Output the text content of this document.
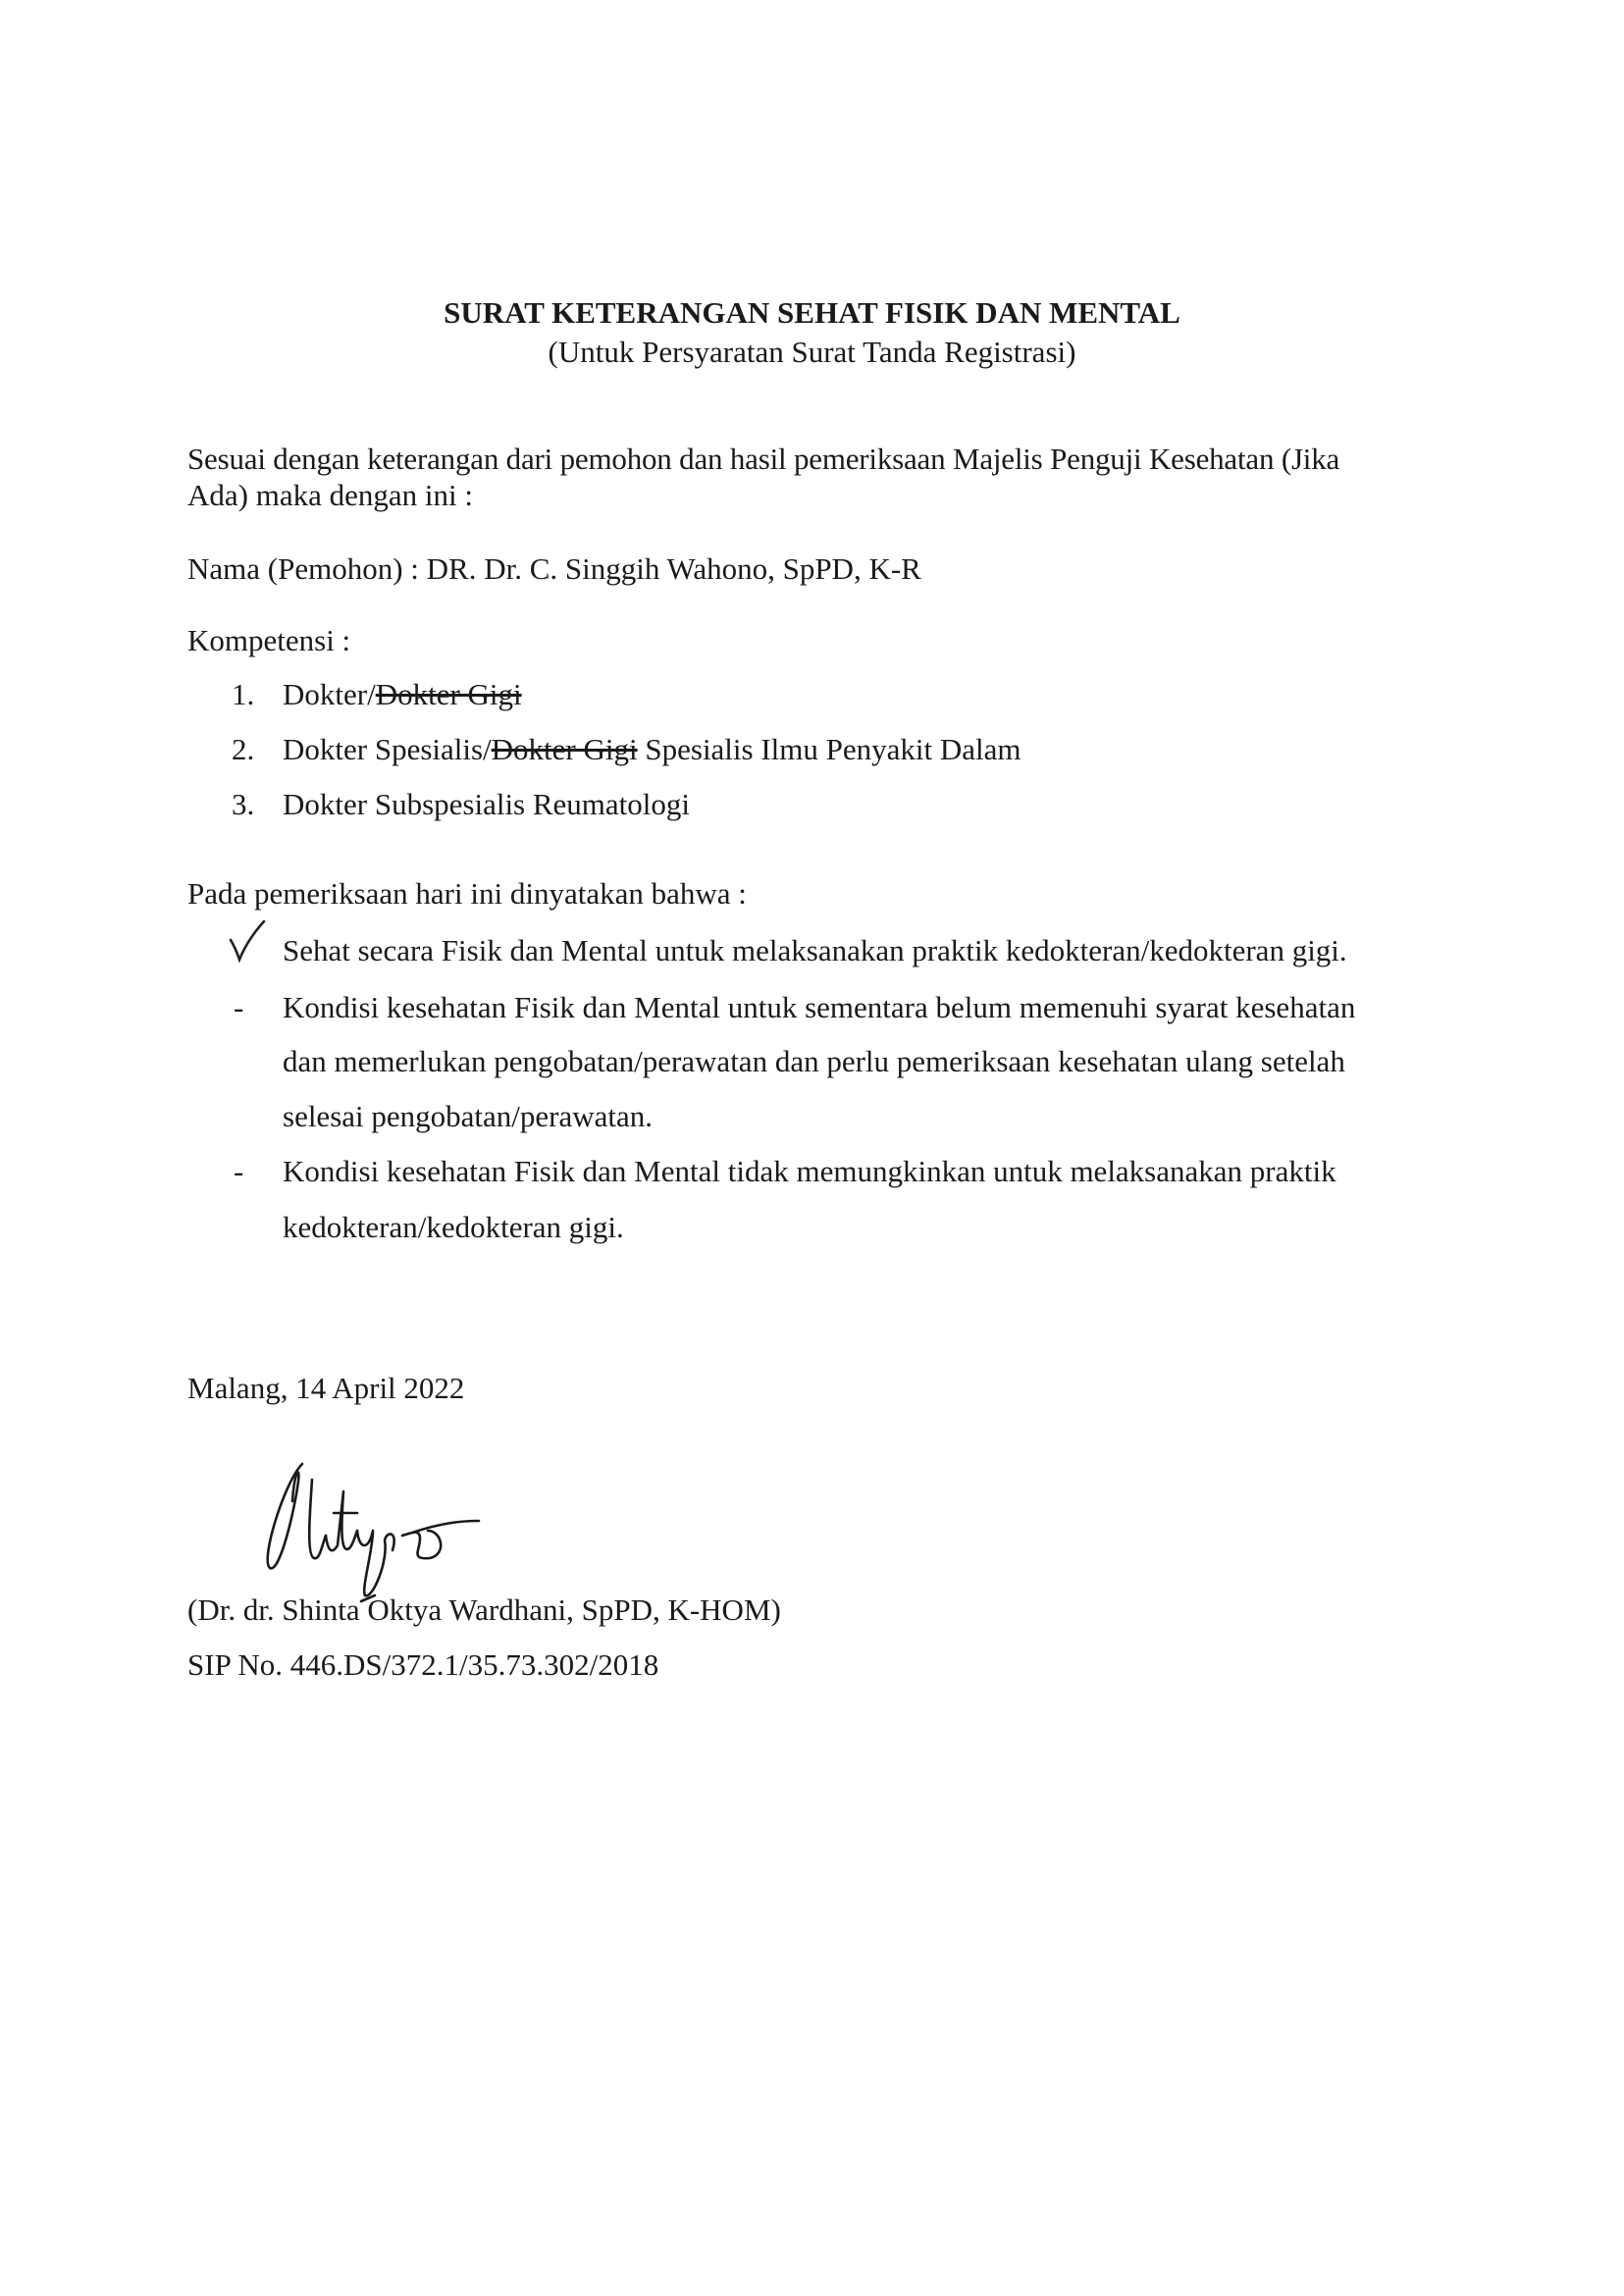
SURAT KETERANGAN SEHAT FISIK DAN MENTAL
(Untuk Persyaratan Surat Tanda Registrasi)
Sesuai dengan keterangan dari pemohon dan hasil pemeriksaan Majelis Penguji Kesehatan (Jika
Ada) maka dengan ini :
Nama (Pemohon) : DR. Dr. C. Singgih Wahono, SpPD, K-R
Kompetensi :
1. Dokter/Dokter Gigi
2. Dokter Spesialis/Dokter Gigi Spesialis Ilmu Penyakit Dalam
3. Dokter Subspesialis Reumatologi
Pada pemeriksaan hari ini dinyatakan bahwa :
Sehat secara Fisik dan Mental untuk melaksanakan praktik kedokteran/kedokteran gigi.
- Kondisi kesehatan Fisik dan Mental untuk sementara belum memenuhi syarat kesehatan
dan memerlukan pengobatan/perawatan dan perlu pemeriksaan kesehatan ulang setelah
selesai pengobatan/perawatan.
- Kondisi kesehatan Fisik dan Mental tidak memungkinkan untuk melaksanakan praktik
kedokteran/kedokteran gigi.
Malang, 14 April 2022
(Dr. dr. Shinta Oktya Wardhani, SpPD, K-HOM)
SIP No. 446.DS/372.1/35.73.302/2018
